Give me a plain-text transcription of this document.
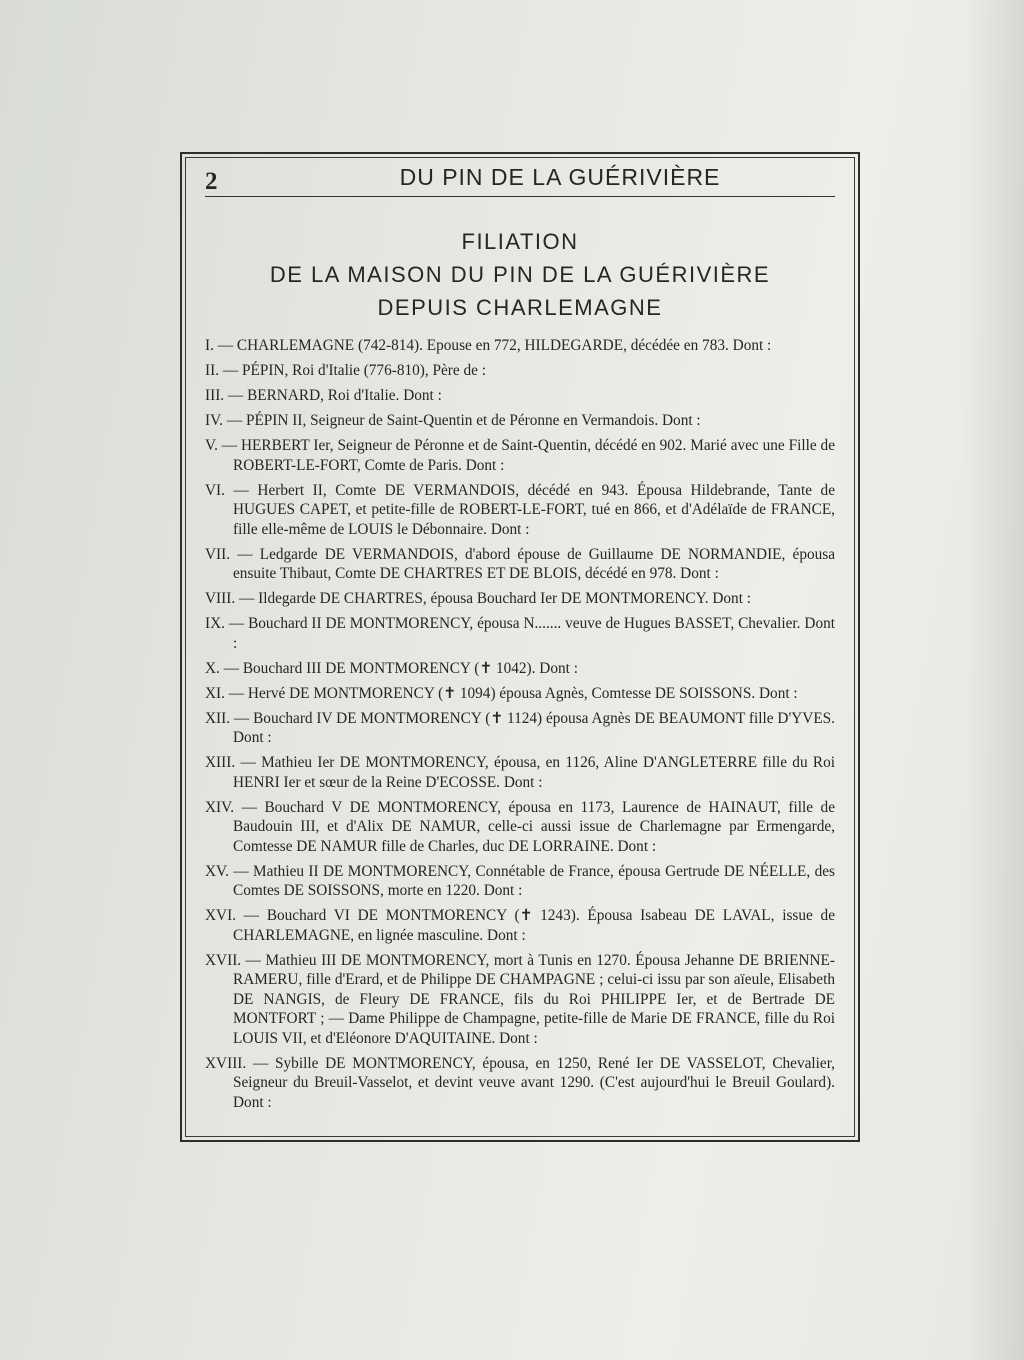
2	DU PIN DE LA GUÉRIVIÈRE
FILIATION
DE LA MAISON DU PIN DE LA GUÉRIVIÈRE
DEPUIS CHARLEMAGNE

I. — CHARLEMAGNE (742-814). Epouse en 772, HILDEGARDE, décédée en 783. Dont :

II. — PÉPIN, Roi d'Italie (776-810), Père de :

III. — BERNARD, Roi d'Italie. Dont :

IV. — PÉPIN II, Seigneur de Saint-Quentin et de Péronne en Vermandois. Dont :

V. — HERBERT Ier, Seigneur de Péronne et de Saint-Quentin, décédé en 902. Marié avec une Fille de ROBERT-LE-FORT, Comte de Paris. Dont :

VI. — Herbert II, Comte DE VERMANDOIS, décédé en 943. Épousa Hildebrande, Tante de HUGUES CAPET, et petite-fille de ROBERT-LE-FORT, tué en 866, et d'Adélaïde de FRANCE, fille elle-même de LOUIS le Débonnaire. Dont :

VII. — Ledgarde DE VERMANDOIS, d'abord épouse de Guillaume DE NORMANDIE, épousa ensuite Thibaut, Comte DE CHARTRES ET DE BLOIS, décédé en 978. Dont :

VIII. — Ildegarde DE CHARTRES, épousa Bouchard Ier DE MONTMORENCY. Dont :

IX. — Bouchard II DE MONTMORENCY, épousa N....... veuve de Hugues BASSET, Chevalier. Dont :

X. — Bouchard III DE MONTMORENCY (✝ 1042). Dont :

XI. — Hervé DE MONTMORENCY (✝ 1094) épousa Agnès, Comtesse DE SOISSONS. Dont :

XII. — Bouchard IV DE MONTMORENCY (✝ 1124) épousa Agnès DE BEAUMONT fille D'YVES. Dont :

XIII. — Mathieu Ier DE MONTMORENCY, épousa, en 1126, Aline D'ANGLETERRE fille du Roi HENRI Ier et sœur de la Reine D'ECOSSE. Dont :

XIV. — Bouchard V DE MONTMORENCY, épousa en 1173, Laurence de HAINAUT, fille de Baudouin III, et d'Alix DE NAMUR, celle-ci aussi issue de Charlemagne par Ermengarde, Comtesse DE NAMUR fille de Charles, duc DE LORRAINE. Dont :

XV. — Mathieu II DE MONTMORENCY, Connétable de France, épousa Gertrude DE NÉELLE, des Comtes DE SOISSONS, morte en 1220. Dont :

XVI. — Bouchard VI DE MONTMORENCY (✝ 1243). Épousa Isabeau DE LAVAL, issue de CHARLEMAGNE, en lignée masculine. Dont :

XVII. — Mathieu III DE MONTMORENCY, mort à Tunis en 1270. Épousa Jehanne DE BRIENNE-RAMERU, fille d'Erard, et de Philippe DE CHAMPAGNE ; celui-ci issu par son aïeule, Elisabeth DE NANGIS, de Fleury DE FRANCE, fils du Roi PHILIPPE Ier, et de Bertrade DE MONTFORT ; — Dame Philippe de Champagne, petite-fille de Marie DE FRANCE, fille du Roi LOUIS VII, et d'Eléonore D'AQUITAINE. Dont :

XVIII. — Sybille DE MONTMORENCY, épousa, en 1250, René Ier DE VASSELOT, Chevalier, Seigneur du Breuil-Vasselot, et devint veuve avant 1290. (C'est aujourd'hui le Breuil Goulard). Dont :
